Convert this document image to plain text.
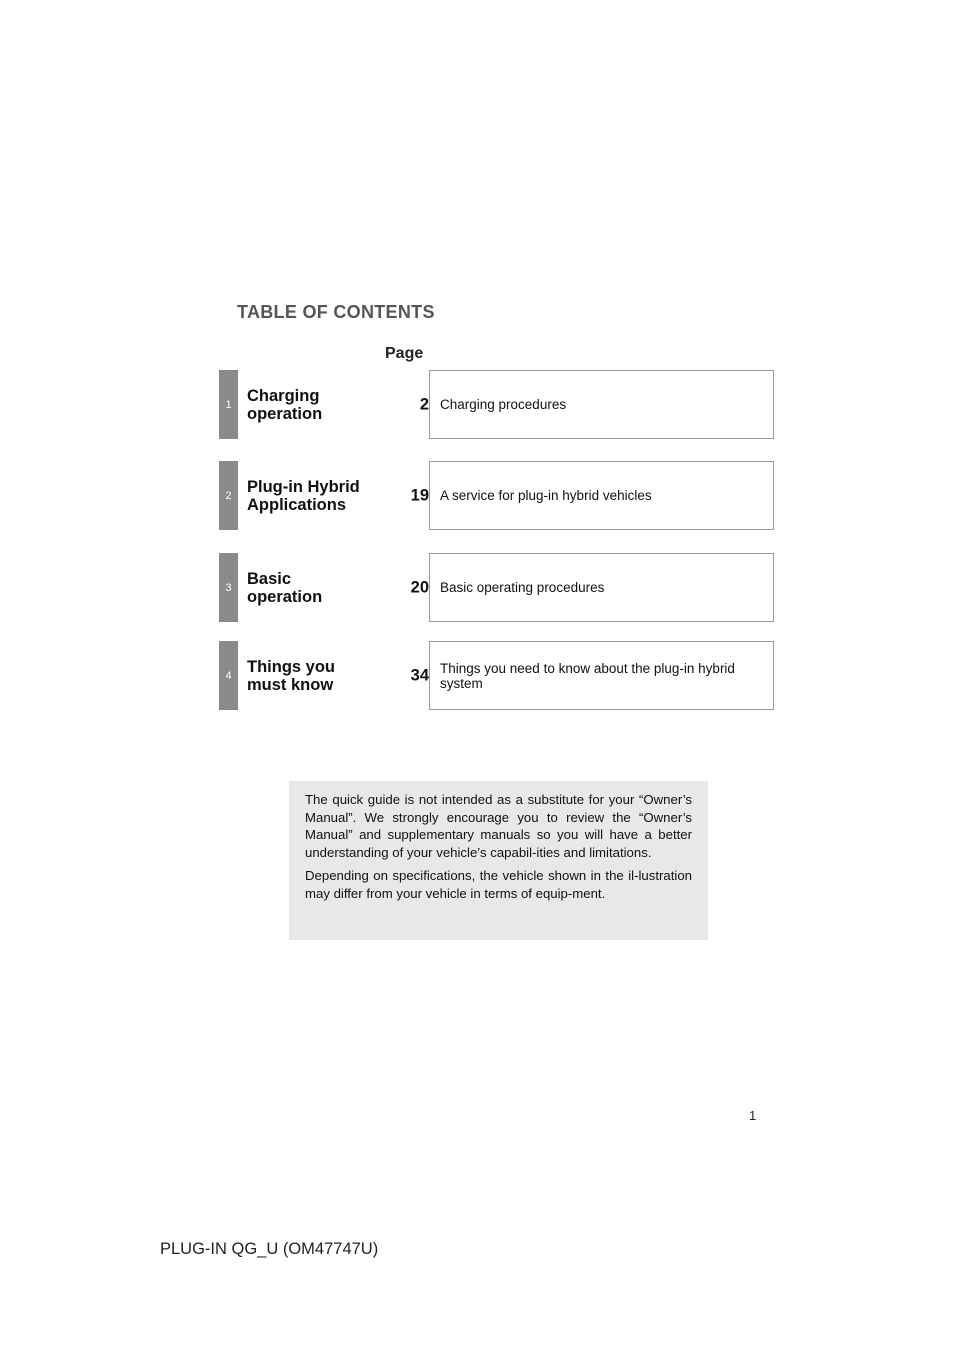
TABLE OF CONTENTS
Page
1 Charging
operation
2 Charging procedures
2 Plug-in Hybrid
Applications
19 A service for plug-in hybrid vehicles
3 Basic
operation
20 Basic operating procedures
4 Things you
must know
34 Things you need to know about the plug-in hybrid system

The quick guide is not intended as a substitute for your “Owner’s Manual”. We strongly encourage you to review the “Owner’s Manual” and supplementary manuals so you will have a better understanding of your vehicle’s capabil-ities and limitations.

Depending on specifications, the vehicle shown in the il-lustration may differ from your vehicle in terms of equip-ment.

1
PLUG-IN QG_U (OM47747U)
